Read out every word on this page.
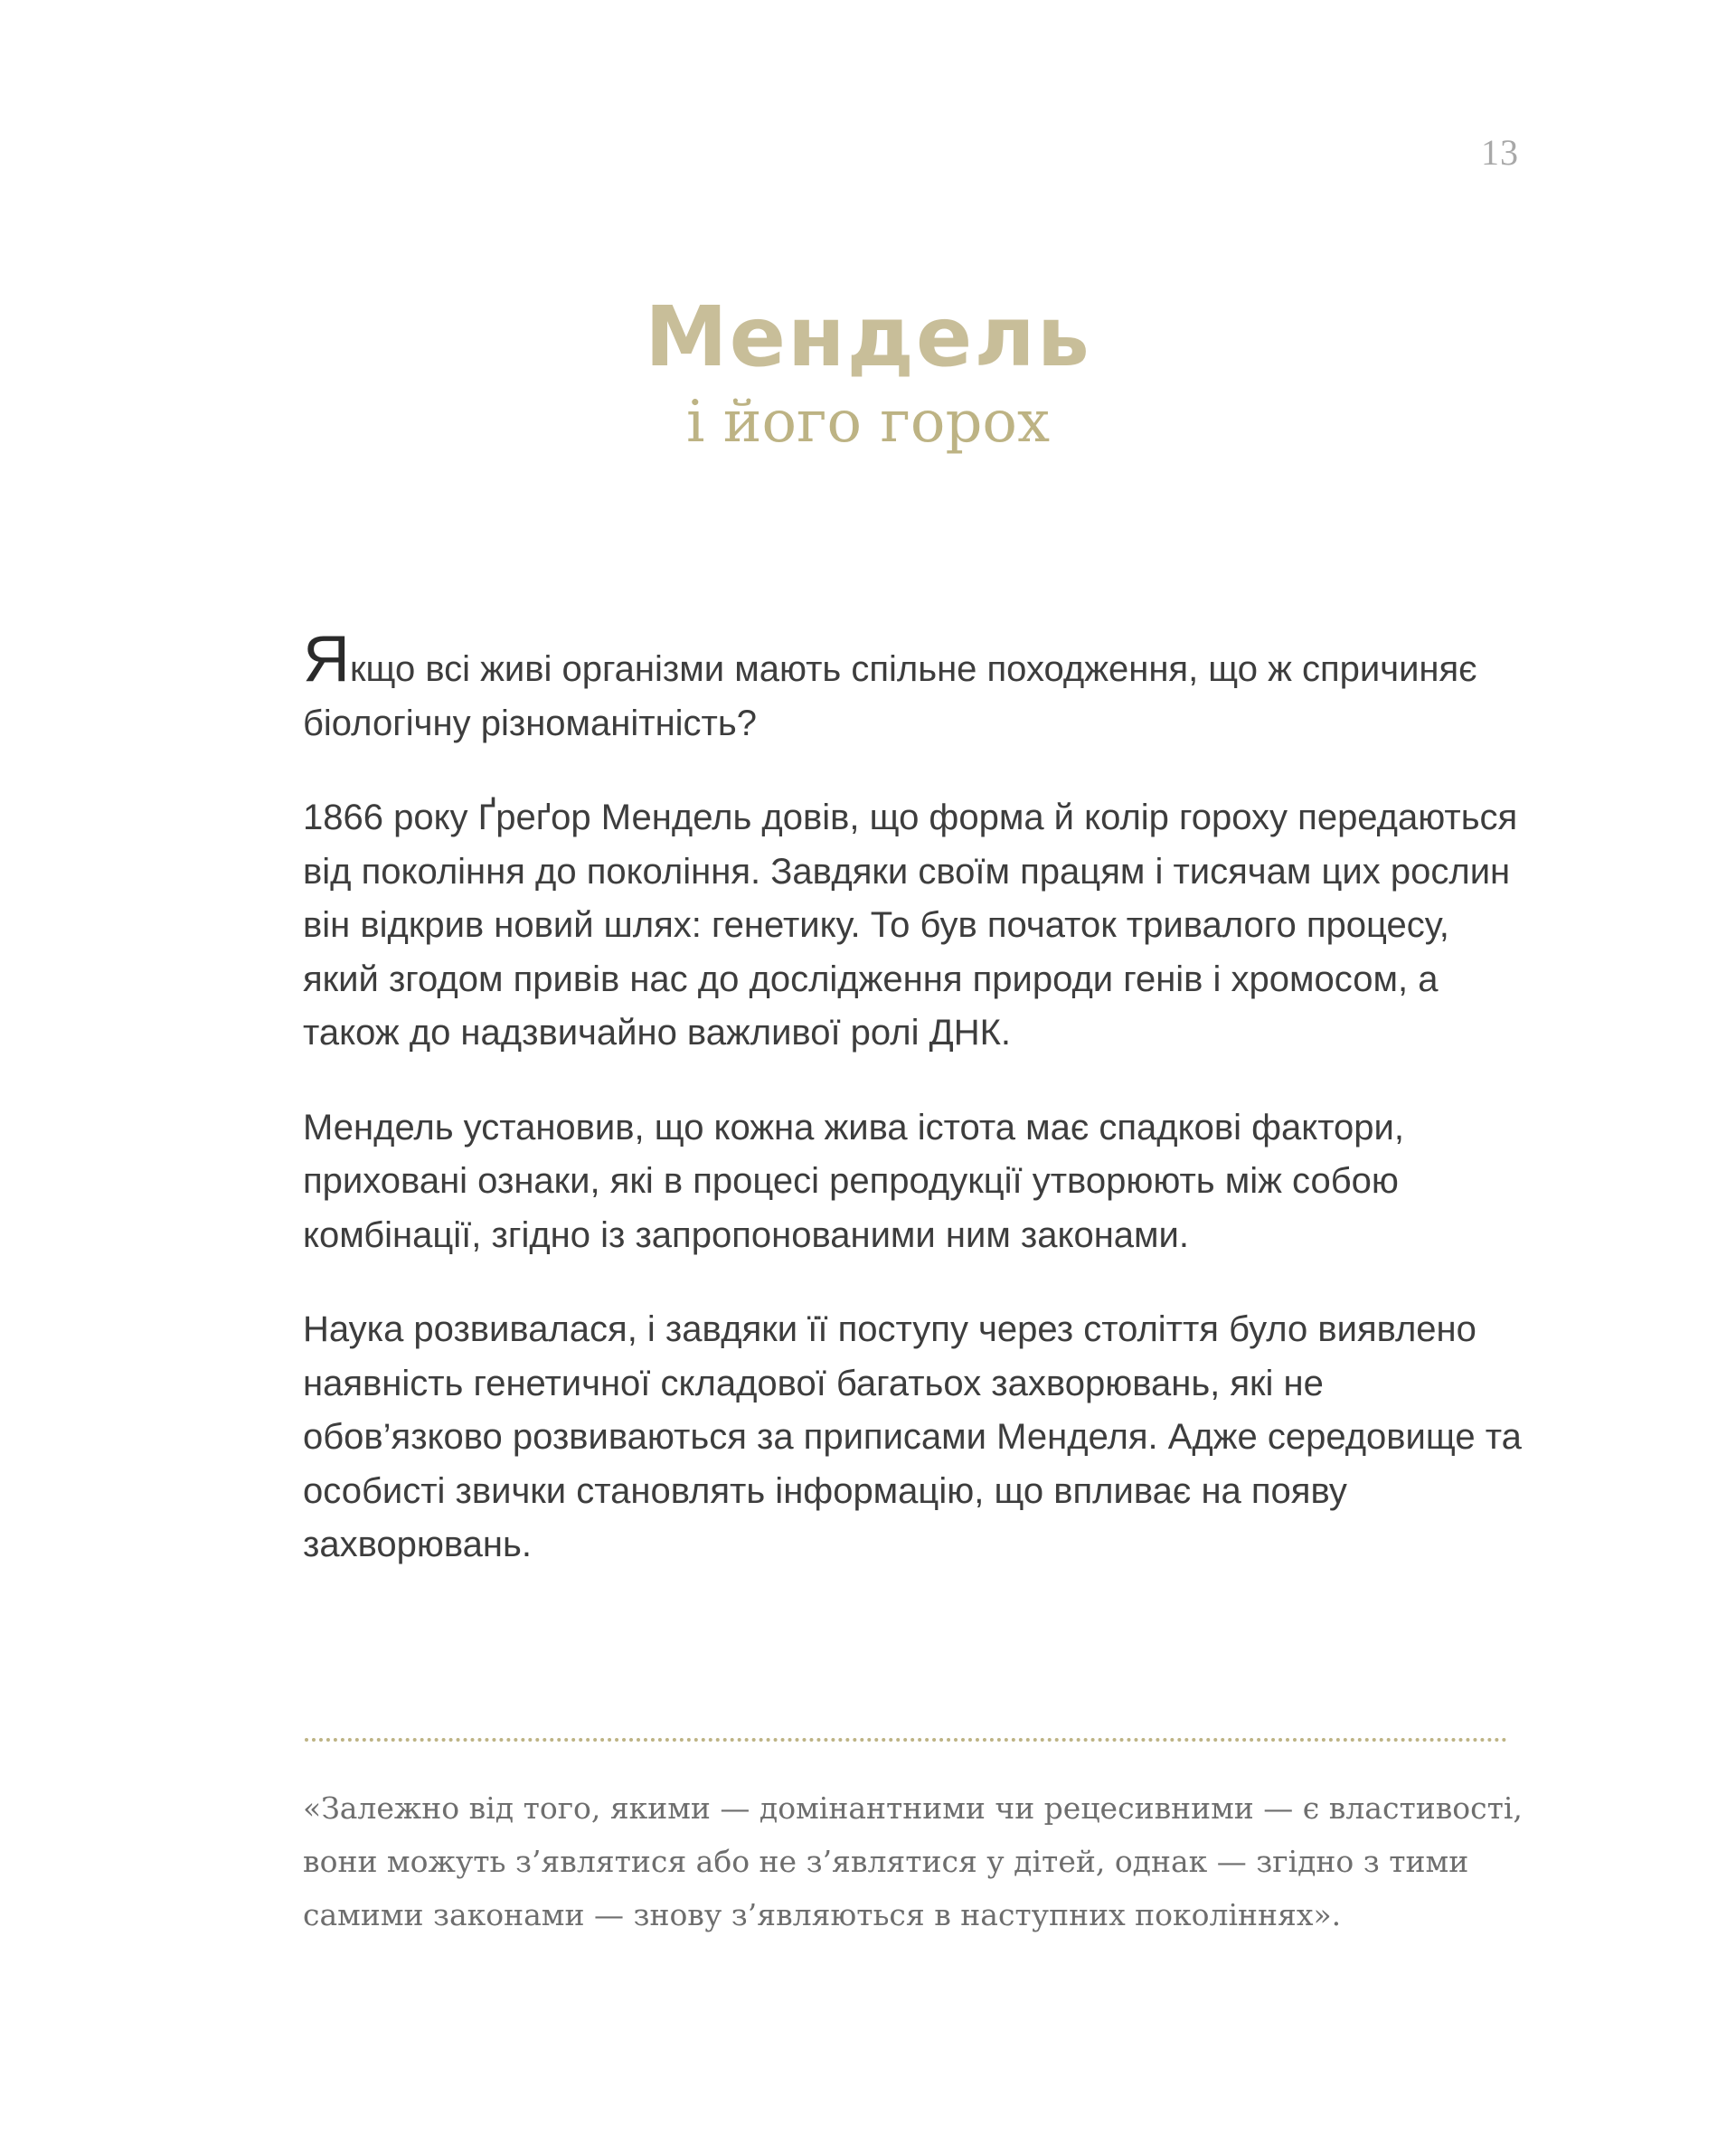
13
Мендель
і його горох

Якщо всі живі організми мають спільне походження, що ж спричиняє біологічну різноманітність?

1866 року Ґреґор Мендель довів, що форма й колір гороху передаються від покоління до покоління. Завдяки своїм працям і тисячам цих рослин він відкрив новий шлях: генетику. То був початок тривалого процесу, який згодом привів нас до дослідження природи генів і хромосом, а також до надзвичайно важливої ролі ДНК.

Мендель установив, що кожна жива істота має спадкові фактори, приховані ознаки, які в процесі репродукції утворюють між собою комбінації, згідно із запропонованими ним законами.

Наука розвивалася, і завдяки її поступу через століття було виявлено наявність генетичної складової багатьох захворювань, які не обов’язково розвиваються за приписами Менделя. Адже середовище та особисті звички становлять інформацію, що впливає на появу захворювань.

«Залежно від того, якими — домінантними чи рецесивними — є властивості, вони можуть з’являтися або не з’являтися у дітей, однак — згідно з тими самими законами — знову з’являються в наступних поколіннях».
